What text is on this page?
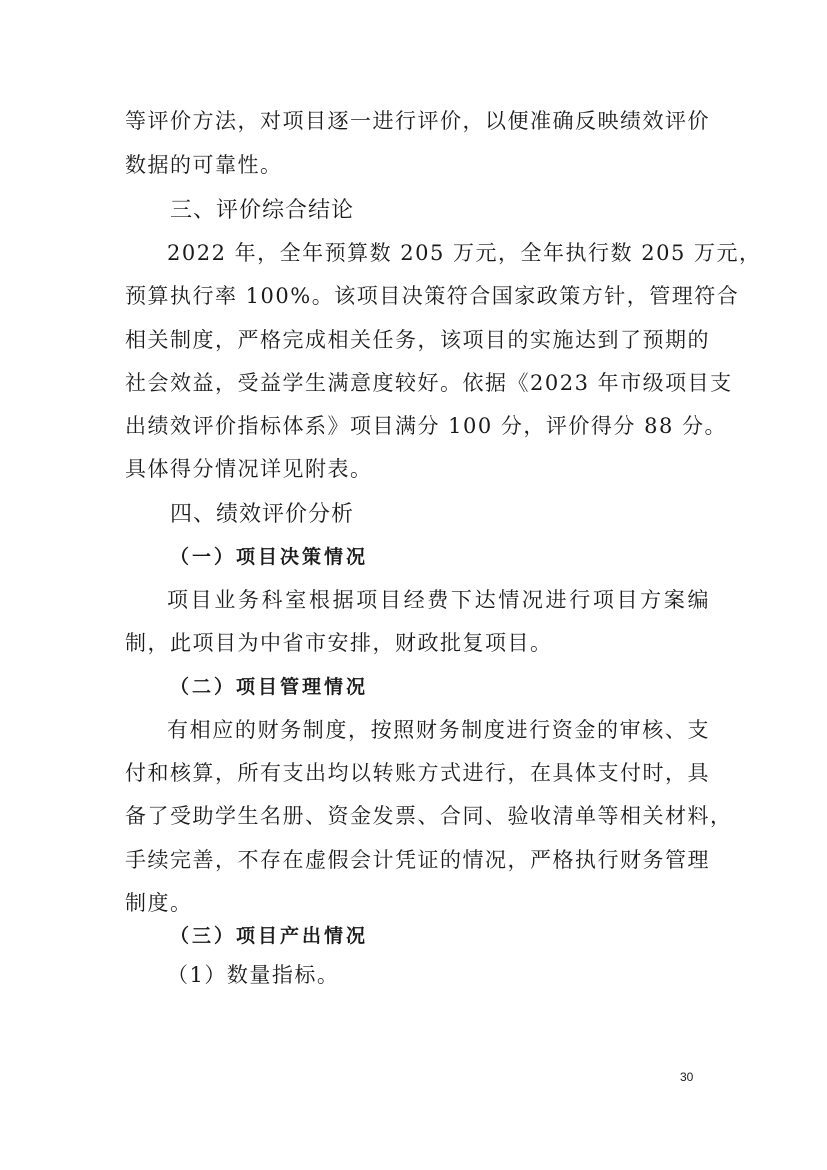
等评价方法，对项目逐一进行评价，以便准确反映绩效评价
数据的可靠性。
三、评价综合结论
2022 年，全年预算数 205 万元，全年执行数 205 万元，
预算执行率 100%。该项目决策符合国家政策方针，管理符合
相关制度，严格完成相关任务，该项目的实施达到了预期的
社会效益，受益学生满意度较好。依据《2023 年市级项目支
出绩效评价指标体系》项目满分 100 分，评价得分 88 分。
具体得分情况详见附表。
四、绩效评价分析
（一）项目决策情况
项目业务科室根据项目经费下达情况进行项目方案编
制，此项目为中省市安排，财政批复项目。
（二）项目管理情况
有相应的财务制度，按照财务制度进行资金的审核、支
付和核算，所有支出均以转账方式进行，在具体支付时，具
备了受助学生名册、资金发票、合同、验收清单等相关材料，
手续完善，不存在虚假会计凭证的情况，严格执行财务管理
制度。
（三）项目产出情况
（1）数量指标。
30
